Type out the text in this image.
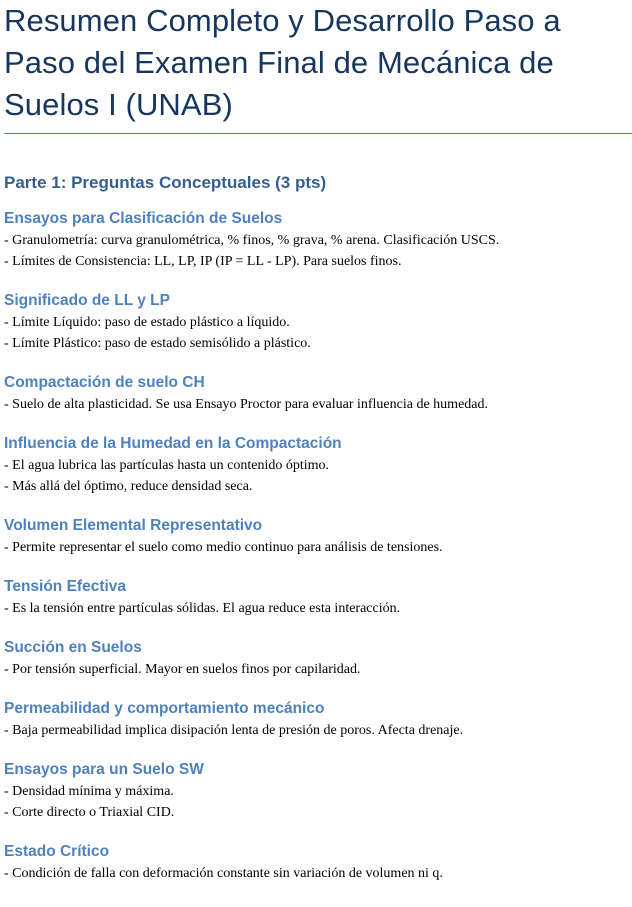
Resumen Completo y Desarrollo Paso a Paso del Examen Final de Mecánica de Suelos I (UNAB)
Parte 1: Preguntas Conceptuales (3 pts)
Ensayos para Clasificación de Suelos

- Granulometría: curva granulométrica, % finos, % grava, % arena. Clasificación USCS.

- Límites de Consistencia: LL, LP, IP (IP = LL - LP). Para suelos finos.

Significado de LL y LP

- Límite Líquido: paso de estado plástico a líquido.

- Límite Plástico: paso de estado semisólido a plástico.

Compactación de suelo CH

- Suelo de alta plasticidad. Se usa Ensayo Proctor para evaluar influencia de humedad.

Influencia de la Humedad en la Compactación

- El agua lubrica las partículas hasta un contenido óptimo.

- Más allá del óptimo, reduce densidad seca.

Volumen Elemental Representativo

- Permite representar el suelo como medio continuo para análisis de tensiones.

Tensión Efectiva

- Es la tensión entre partículas sólidas. El agua reduce esta interacción.

Succión en Suelos

- Por tensión superficial. Mayor en suelos finos por capilaridad.

Permeabilidad y comportamiento mecánico

- Baja permeabilidad implica disipación lenta de presión de poros. Afecta drenaje.

Ensayos para un Suelo SW

- Densidad mínima y máxima.

- Corte directo o Triaxial CID.

Estado Crítico

- Condición de falla con deformación constante sin variación de volumen ni q.
